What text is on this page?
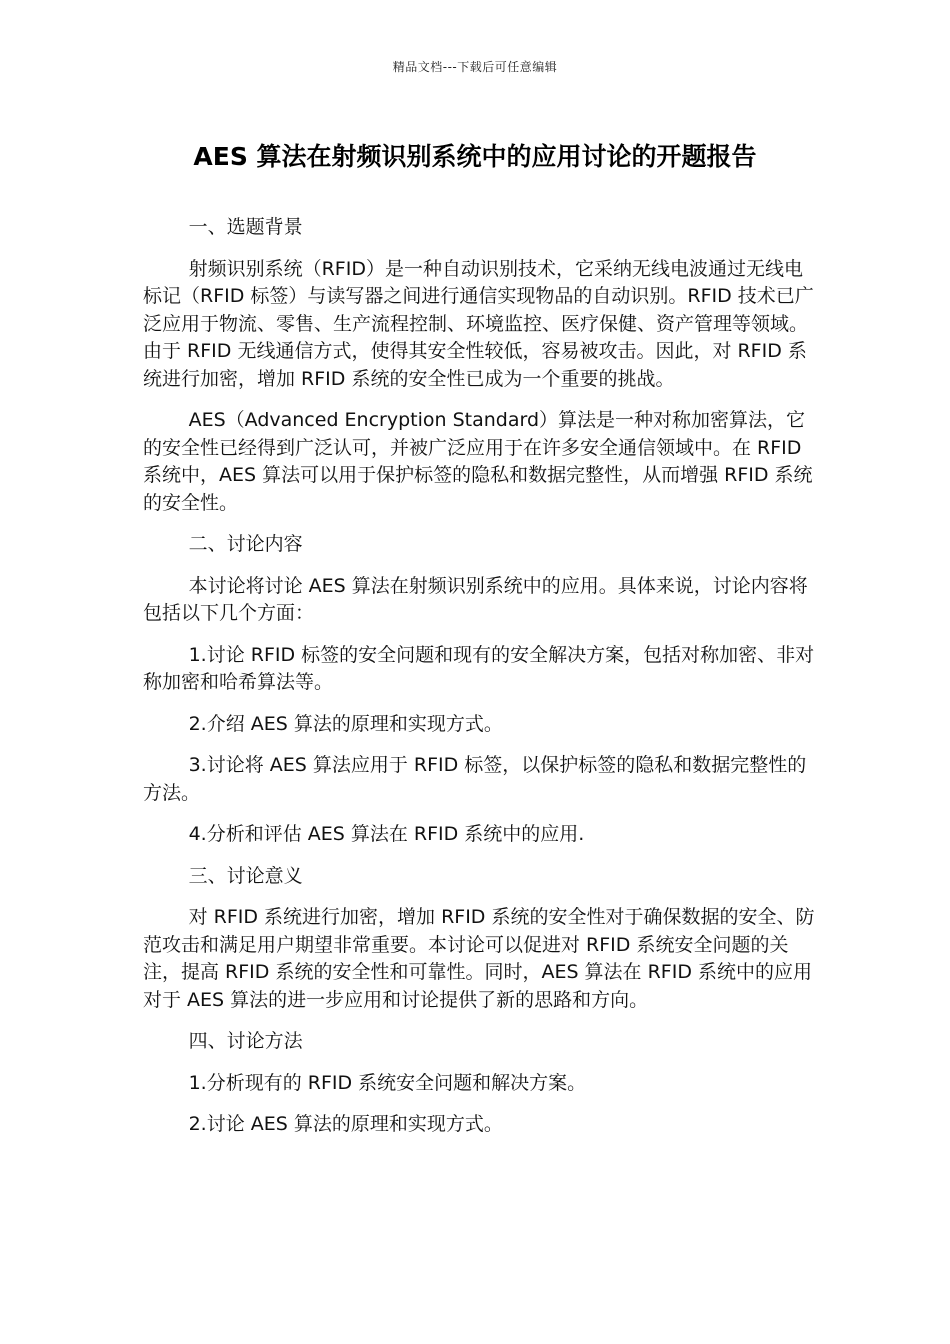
精品文档---下载后可任意编辑
AES 算法在射频识别系统中的应用讨论的开题报告

一、选题背景

射频识别系统（RFID）是一种自动识别技术，它采纳无线电波通过无线电标记（RFID 标签）与读写器之间进行通信实现物品的自动识别。RFID 技术已广泛应用于物流、零售、生产流程控制、环境监控、医疗保健、资产管理等领域。由于 RFID 无线通信方式，使得其安全性较低，容易被攻击。因此，对 RFID 系统进行加密，增加 RFID 系统的安全性已成为一个重要的挑战。

AES（Advanced Encryption Standard）算法是一种对称加密算法，它的安全性已经得到广泛认可，并被广泛应用于在许多安全通信领域中。在 RFID 系统中，AES 算法可以用于保护标签的隐私和数据完整性，从而增强 RFID 系统的安全性。

二、讨论内容

本讨论将讨论 AES 算法在射频识别系统中的应用。具体来说，讨论内容将包括以下几个方面：

1.讨论 RFID 标签的安全问题和现有的安全解决方案，包括对称加密、非对称加密和哈希算法等。

2.介绍 AES 算法的原理和实现方式。

3.讨论将 AES 算法应用于 RFID 标签，以保护标签的隐私和数据完整性的方法。

4.分析和评估 AES 算法在 RFID 系统中的应用.

三、讨论意义

对 RFID 系统进行加密，增加 RFID 系统的安全性对于确保数据的安全、防范攻击和满足用户期望非常重要。本讨论可以促进对 RFID 系统安全问题的关注，提高 RFID 系统的安全性和可靠性。同时，AES 算法在 RFID 系统中的应用对于 AES 算法的进一步应用和讨论提供了新的思路和方向。

四、讨论方法

1.分析现有的 RFID 系统安全问题和解决方案。

2.讨论 AES 算法的原理和实现方式。
